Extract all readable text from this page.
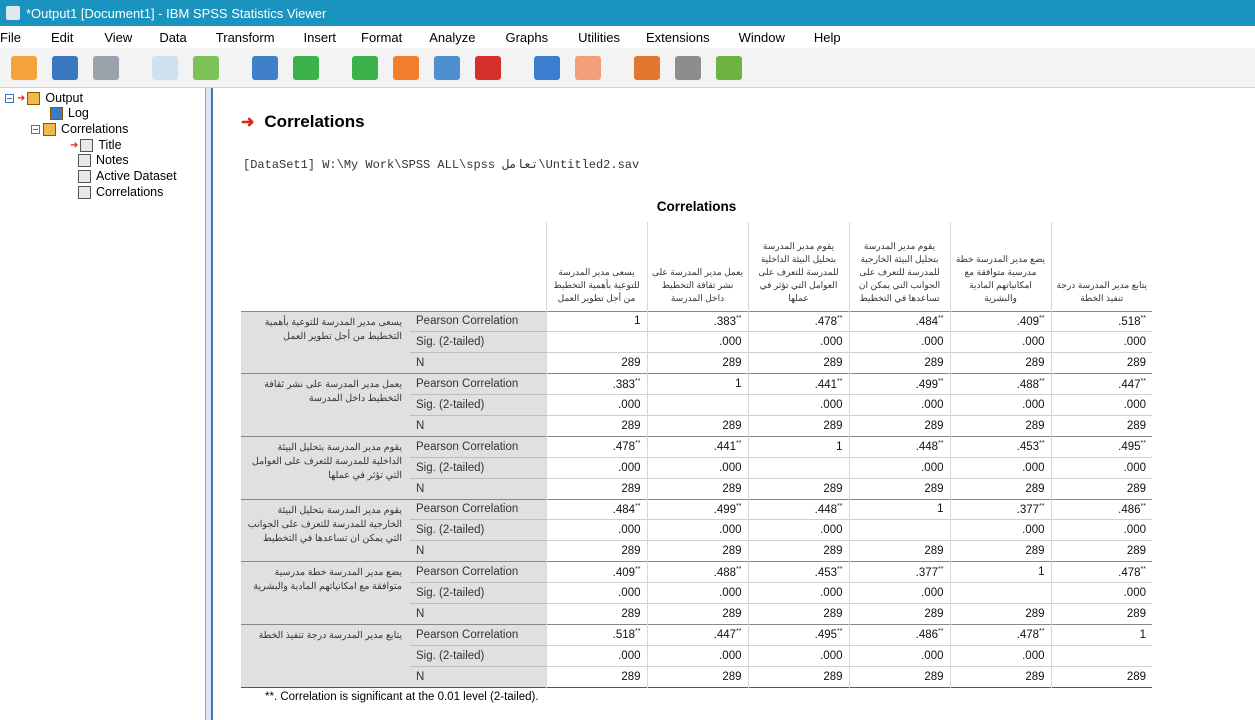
*Output1 [Document1] - IBM SPSS Statistics Viewer
File	Edit	View	Data	Transform	Insert	Format	Analyze	Graphs	Utilities	Extensions	Window	Help
➜ Output
Log
Correlations
➜ Title
Notes
Active Dataset
Correlations
➜ Correlations
[DataSet1] W:\My Work\SPSS ALL\spss تعامل\Untitled2.sav
Correlations
		يسعى مدير المدرسة للتوعية بأهمية التخطيط من أجل تطوير العمل	يعمل مدير المدرسة على نشر ثقافة التخطيط داخل المدرسة	يقوم مدير المدرسة بتحليل البيئة الداخلية للمدرسة للتعرف على العوامل التي تؤثر في عملها	يقوم مدير المدرسة بتحليل البيئة الخارجية للمدرسة للتعرف على الجوانب التي يمكن ان تساعدها في التخطيط	يضع مدير المدرسة خطة مدرسية متوافقة مع امكانياتهم المادية والبشرية	يتابع مدير المدرسة درجة تنفيذ الخطة
يسعى مدير المدرسة للتوعية بأهمية التخطيط من أجل تطوير العمل	Pearson Correlation	1	.383**	.478**	.484**	.409**	.518**
	Sig. (2-tailed)		.000	.000	.000	.000	.000
	N	289	289	289	289	289	289
يعمل مدير المدرسة على نشر ثقافة التخطيط داخل المدرسة	Pearson Correlation	.383**	1	.441**	.499**	.488**	.447**
	Sig. (2-tailed)	.000		.000	.000	.000	.000
	N	289	289	289	289	289	289
يقوم مدير المدرسة بتحليل البيئة الداخلية للمدرسة للتعرف على العوامل التي تؤثر في عملها	Pearson Correlation	.478**	.441**	1	.448**	.453**	.495**
	Sig. (2-tailed)	.000	.000		.000	.000	.000
	N	289	289	289	289	289	289
يقوم مدير المدرسة بتحليل البيئة الخارجية للمدرسة للتعرف على الجوانب التي يمكن ان تساعدها في التخطيط	Pearson Correlation	.484**	.499**	.448**	1	.377**	.486**
	Sig. (2-tailed)	.000	.000	.000		.000	.000
	N	289	289	289	289	289	289
يضع مدير المدرسة خطة مدرسية متوافقة مع امكانياتهم المادية والبشرية	Pearson Correlation	.409**	.488**	.453**	.377**	1	.478**
	Sig. (2-tailed)	.000	.000	.000	.000		.000
	N	289	289	289	289	289	289
يتابع مدير المدرسة درجة تنفيذ الخطة	Pearson Correlation	.518**	.447**	.495**	.486**	.478**	1
	Sig. (2-tailed)	.000	.000	.000	.000	.000	
	N	289	289	289	289	289	289
**. Correlation is significant at the 0.01 level (2-tailed).
